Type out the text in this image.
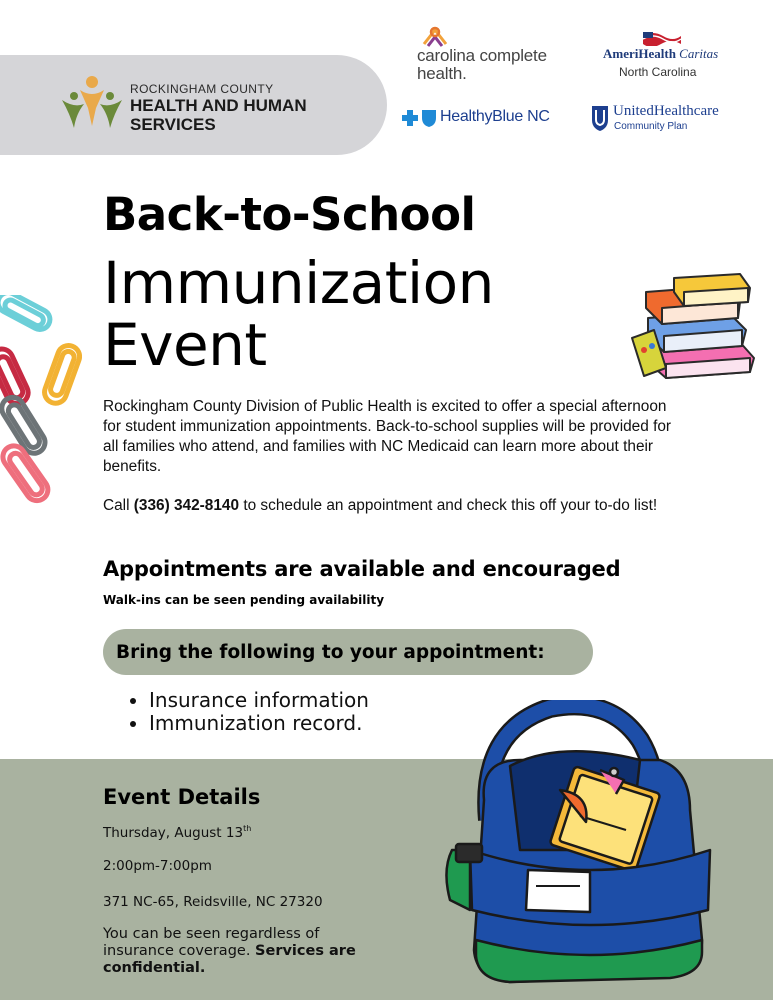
ROCKINGHAM COUNTY
HEALTH AND HUMAN SERVICES
carolina complete health.
AmeriHealth Caritas
North Carolina
HealthyBlue NC	UnitedHealthcare
Community Plan
Back-to-School
Immunization
Event
Rockingham County Division of Public Health is excited to offer a special afternoon for student immunization appointments. Back-to-school supplies will be provided for all families who attend, and families with NC Medicaid can learn more about their benefits.
Call (336) 342-8140 to schedule an appointment and check this off your to-do list!
Appointments are available and encouraged
Walk-ins can be seen pending availability
Bring the following to your appointment:
Insurance information
Immunization record.
Event Details
Thursday, August 13th
2:00pm-7:00pm
371 NC-65, Reidsville, NC 27320
You can be seen regardless of insurance coverage. Services are confidential.
